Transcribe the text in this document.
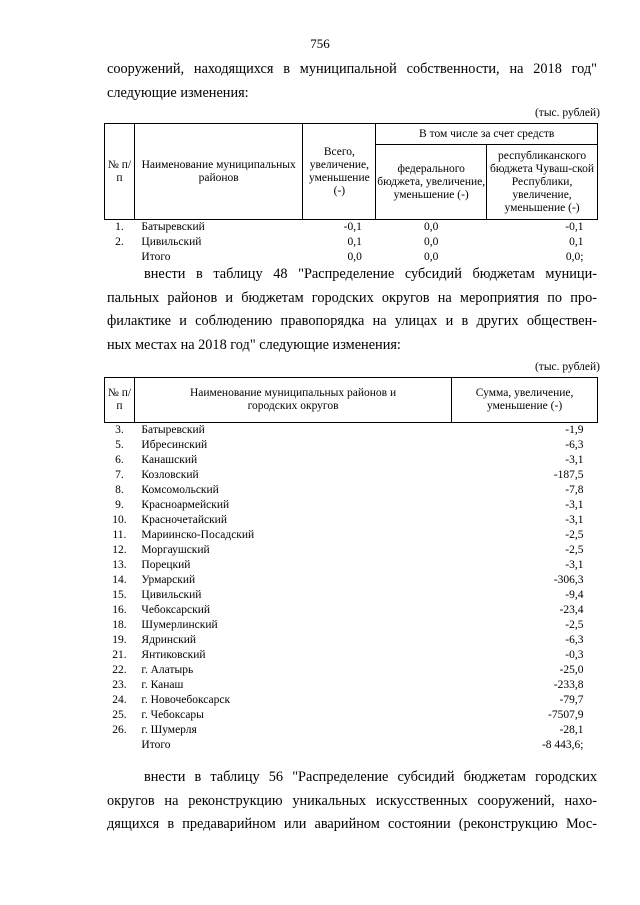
756
сооружений, находящихся в муниципальной собственности, на 2018 год"
следующие изменения:
(тыс. рублей)
№ п/п	Наименование муниципальных районов	Всего, увеличение, уменьшение (-)	В том числе за счет средств	
			федерального бюджета, увеличение, уменьшение (-)	республиканского бюджета Чуваш-ской Республики, увеличение, уменьшение (-)
1.	Батыревский	-0,1	0,0	-0,1
2.	Цивильский	0,1	0,0	0,1
	Итого	0,0	0,0	0,0;
внести в таблицу 48 "Распределение субсидий бюджетам муници-
пальных районов и бюджетам городских округов на мероприятия по про-
филактике и соблюдению правопорядка на улицах и в других обществен-
ных местах на 2018 год" следующие изменения:
(тыс. рублей)
№ п/п	Наименование муниципальных районов и городских округов	Сумма, увеличение, уменьшение (-)
3.	Батыревский	-1,9
5.	Ибресинский	-6,3
6.	Канашский	-3,1
7.	Козловский	-187,5
8.	Комсомольский	-7,8
9.	Красноармейский	-3,1
10.	Красночетайский	-3,1
11.	Мариинско-Посадский	-2,5
12.	Моргаушский	-2,5
13.	Порецкий	-3,1
14.	Урмарский	-306,3
15.	Цивильский	-9,4
16.	Чебоксарский	-23,4
18.	Шумерлинский	-2,5
19.	Ядринский	-6,3
21.	Янтиковский	-0,3
22.	г. Алатырь	-25,0
23.	г. Канаш	-233,8
24.	г. Новочебоксарск	-79,7
25.	г. Чебоксары	-7507,9
26.	г. Шумерля	-28,1
	Итого	-8 443,6;
внести в таблицу 56 "Распределение субсидий бюджетам городских
округов на реконструкцию уникальных искусственных сооружений, нахо-
дящихся в предаварийном или аварийном состоянии (реконструкцию Мос-
